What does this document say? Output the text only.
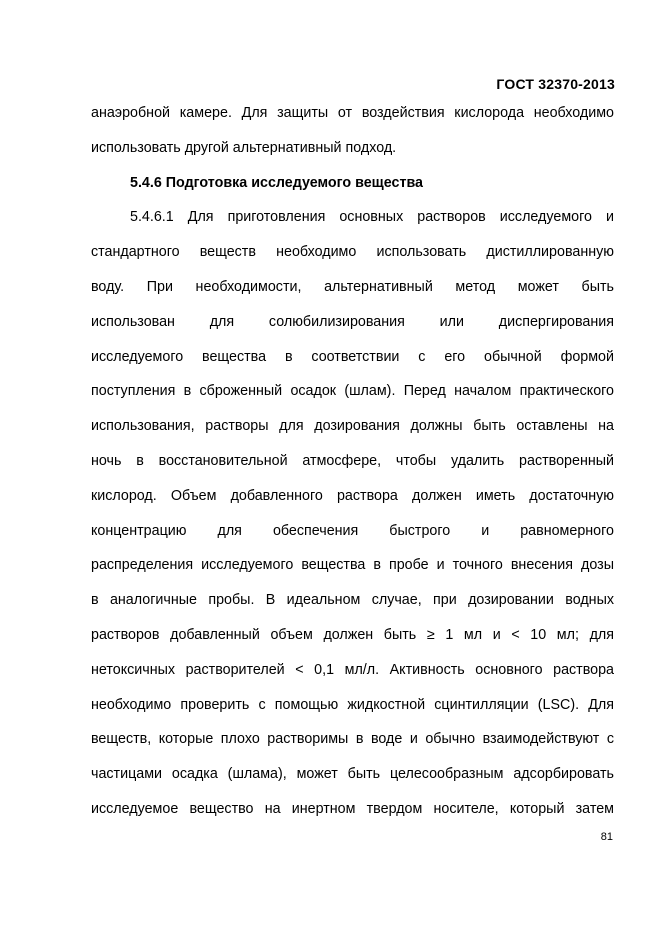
ГОСТ 32370-2013
анаэробной камере. Для защиты от воздействия кислорода необходимо
использовать другой альтернативный подход.
5.4.6 Подготовка исследуемого вещества
5.4.6.1 Для приготовления основных растворов исследуемого и
стандартного веществ необходимо использовать дистиллированную
воду. При необходимости, альтернативный метод может быть
использован для солюбилизирования или диспергирования
исследуемого вещества в соответствии с его обычной формой
поступления в сброженный осадок (шлам). Перед началом практического
использования, растворы для дозирования должны быть оставлены на
ночь в восстановительной атмосфере, чтобы удалить растворенный
кислород. Объем добавленного раствора должен иметь достаточную
концентрацию для обеспечения быстрого и равномерного
распределения исследуемого вещества в пробе и точного внесения дозы
в аналогичные пробы. В идеальном случае, при дозировании водных
растворов добавленный объем должен быть ≥ 1 мл и < 10 мл; для
нетоксичных растворителей < 0,1 мл/л. Активность основного раствора
необходимо проверить с помощью жидкостной сцинтилляции (LSC). Для
веществ, которые плохо растворимы в воде и обычно взаимодействуют с
частицами осадка (шлама), может быть целесообразным адсорбировать
исследуемое вещество на инертном твердом носителе, который затем
81
